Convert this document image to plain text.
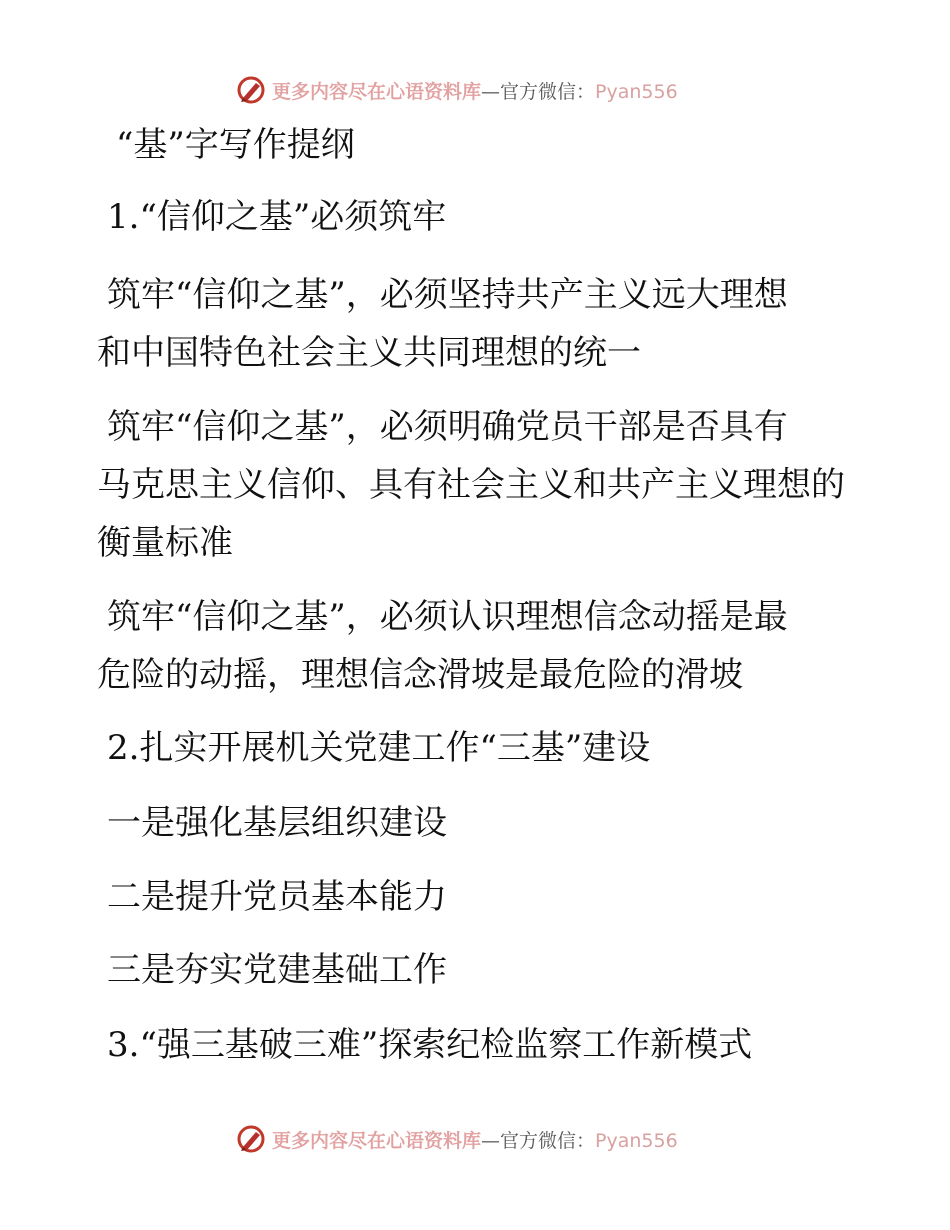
更多内容尽在心语资料库—官方微信：Pyan556
“基”字写作提纲
1.“信仰之基”必须筑牢
筑牢“信仰之基”，必须坚持共产主义远大理想
和中国特色社会主义共同理想的统一
筑牢“信仰之基”，必须明确党员干部是否具有
马克思主义信仰、具有社会主义和共产主义理想的
衡量标准
筑牢“信仰之基”，必须认识理想信念动摇是最
危险的动摇，理想信念滑坡是最危险的滑坡
2.扎实开展机关党建工作“三基”建设
一是强化基层组织建设
二是提升党员基本能力
三是夯实党建基础工作
3.“强三基破三难”探索纪检监察工作新模式
更多内容尽在心语资料库—官方微信：Pyan556
